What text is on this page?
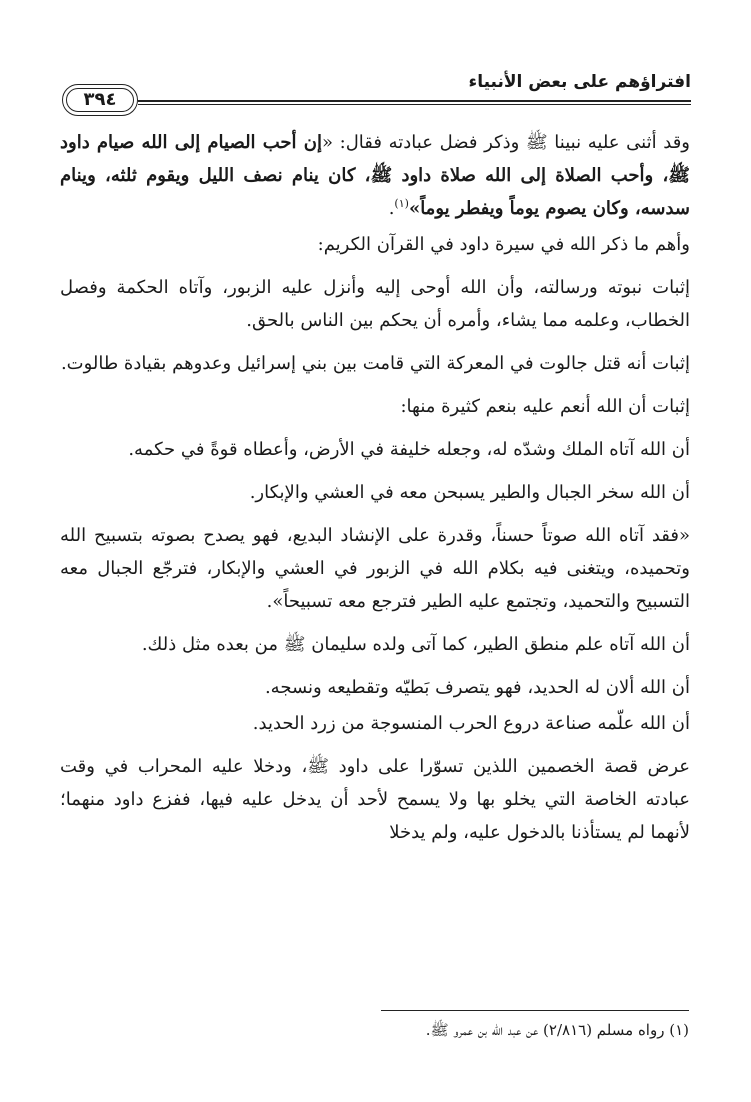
افتراؤهم على بعض الأنبياء
٣٩٤

وقد أثنى عليه نبينا ﷺ وذكر فضل عبادته فقال: «إن أحب الصيام إلى الله صيام داود ﷺ، وأحب الصلاة إلى الله صلاة داود ﷺ، كان ينام نصف الليل ويقوم ثلثه، وينام سدسه، وكان يصوم يوماً ويفطر يوماً»$^{(١)}$.

وأهم ما ذكر الله في سيرة داود في القرآن الكريم:

إثبات نبوته ورسالته، وأن الله أوحى إليه وأنزل عليه الزبور، وآتاه الحكمة وفصل الخطاب، وعلمه مما يشاء، وأمره أن يحكم بين الناس بالحق.

إثبات أنه قتل جالوت في المعركة التي قامت بين بني إسرائيل وعدوهم بقيادة طالوت.

إثبات أن الله أنعم عليه بنعم كثيرة منها:

أن الله آتاه الملك وشدّه له، وجعله خليفة في الأرض، وأعطاه قوةً في حكمه.

أن الله سخر الجبال والطير يسبحن معه في العشي والإبكار.

«فقد آتاه الله صوتاً حسناً، وقدرة على الإنشاد البديع، فهو يصدح بصوته بتسبيح الله وتحميده، ويتغنى فيه بكلام الله في الزبور في العشي والإبكار، فترجّع الجبال معه التسبيح والتحميد، وتجتمع عليه الطير فترجع معه تسبيحاً».

أن الله آتاه علم منطق الطير، كما آتى ولده سليمان ﷺ من بعده مثل ذلك.

أن الله ألان له الحديد، فهو يتصرف بَطيّه وتقطيعه ونسجه.

أن الله علّمه صناعة دروع الحرب المنسوجة من زرد الحديد.

عرض قصة الخصمين اللذين تسوّرا على داود ﷺ، ودخلا عليه المحراب في وقت عبادته الخاصة التي يخلو بها ولا يسمح لأحد أن يدخل عليه فيها، ففزع داود منهما؛ لأنهما لم يستأذنا بالدخول عليه، ولم يدخلا

(١) رواه مسلم (٢/٨١٦) عن عبد الله بن عمرو ﷺ.
